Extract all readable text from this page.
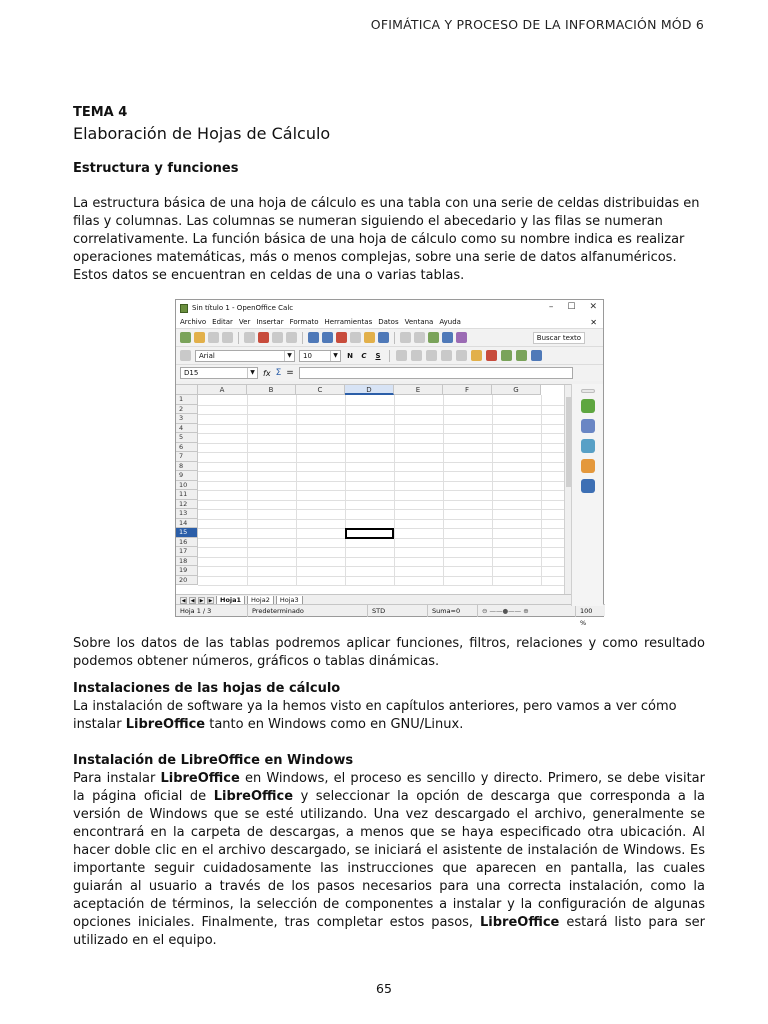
OFIMÁTICA Y PROCESO DE LA INFORMACIÓN MÓD 6
TEMA 4
Elaboración de Hojas de Cálculo
Estructura y funciones

La estructura básica de una hoja de cálculo es una tabla con una serie de celdas distribuidas en filas y columnas. Las columnas se numeran siguiendo el abecedario y las filas se numeran correlativamente. La función básica de una hoja de cálculo como su nombre indica es realizar operaciones matemáticas, más o menos complejas, sobre una serie de datos alfanuméricos. Estos datos se encuentran en celdas de una o varias tablas.

Sin título 1 - OpenOffice Calc	– ☐ ✕
Archivo Editar Ver Insertar Formato Herramientas Datos Ventana Ayuda	✕
Buscar texto
Arial	▼	10	▼	N	C	S
D15	▼ fx Σ =
A	B	C	D	E	F	G
1
2
3
4
5
6
7
8
9
10
11
12
13
14
15
16
17
18
19
20
◀	◀	▶	▶	Hoja1	Hoja2	Hoja3
Hoja 1 / 3	Predeterminado	STD	Suma=0	⊖ ——●—— ⊕	100 %

Sobre los datos de las tablas podremos aplicar funciones, filtros, relaciones y como resultado podemos obtener números, gráficos o tablas dinámicas.

Instalaciones de las hojas de cálculo

La instalación de software ya la hemos visto en capítulos anteriores, pero vamos a ver cómo instalar LibreOffice tanto en Windows como en GNU/Linux.

Instalación de LibreOffice en Windows

Para instalar LibreOffice en Windows, el proceso es sencillo y directo. Primero, se debe visitar la página oficial de LibreOffice y seleccionar la opción de descarga que corresponda a la versión de Windows que se esté utilizando. Una vez descargado el archivo, generalmente se encontrará en la carpeta de descargas, a menos que se haya especificado otra ubicación. Al hacer doble clic en el archivo descargado, se iniciará el asistente de instalación de Windows. Es importante seguir cuidadosamente las instrucciones que aparecen en pantalla, las cuales guiarán al usuario a través de los pasos necesarios para una correcta instalación, como la aceptación de términos, la selección de componentes a instalar y la configuración de algunas opciones iniciales. Finalmente, tras completar estos pasos, LibreOffice estará listo para ser utilizado en el equipo.

65
